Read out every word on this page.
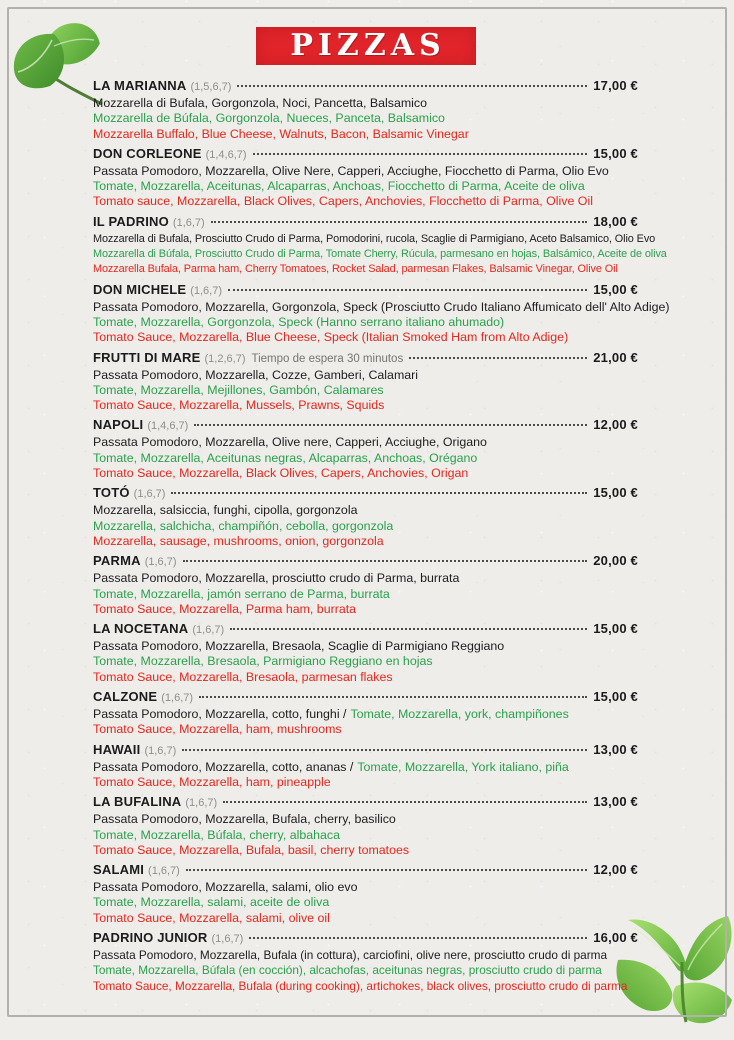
PIZZAS
LA MARIANNA (1,5,6,7)	17,00 €
Mozzarella di Bufala, Gorgonzola, Noci, Pancetta, Balsamico
Mozzarella de Búfala, Gorgonzola, Nueces, Panceta, Balsamico
Mozzarella Buffalo, Blue Cheese, Walnuts, Bacon, Balsamic Vinegar
DON CORLEONE (1,4,6,7)	15,00 €
Passata Pomodoro, Mozzarella, Olive Nere, Capperi, Acciughe, Fiocchetto di Parma, Olio Evo
Tomate, Mozzarella, Aceitunas, Alcaparras, Anchoas, Fiocchetto di Parma, Aceite de oliva
Tomato sauce, Mozzarella, Black Olives, Capers, Anchovies, Flocchetto di Parma, Olive Oil
IL PADRINO (1,6,7)	18,00 €
Mozzarella di Bufala, Prosciutto Crudo di Parma, Pomodorini, rucola, Scaglie di Parmigiano, Aceto Balsamico, Olio Evo
Mozzarella di Búfala, Prosciutto Crudo di Parma, Tomate Cherry, Rúcula, parmesano en hojas, Balsámico, Aceite de oliva
Mozzarella Bufala, Parma ham, Cherry Tomatoes, Rocket Salad, parmesan Flakes, Balsamic Vinegar, Olive Oil
DON MICHELE (1,6,7)	15,00 €
Passata Pomodoro, Mozzarella, Gorgonzola, Speck (Prosciutto Crudo Italiano Affumicato dell' Alto Adige)
Tomate, Mozzarella, Gorgonzola, Speck (Hanno serrano italiano ahumado)
Tomato Sauce, Mozzarella, Blue Cheese, Speck (Italian Smoked Ham from Alto Adige)
FRUTTI DI MARE (1,2,6,7) Tiempo de espera 30 minutos	21,00 €
Passata Pomodoro, Mozzarella, Cozze, Gamberi, Calamari
Tomate, Mozzarella, Mejillones, Gambón, Calamares
Tomato Sauce, Mozzarella, Mussels, Prawns, Squids
NAPOLI (1,4,6,7)	12,00 €
Passata Pomodoro, Mozzarella, Olive nere, Capperi, Acciughe, Origano
Tomate, Mozzarella, Aceitunas negras, Alcaparras, Anchoas, Orégano
Tomato Sauce, Mozzarella, Black Olives, Capers, Anchovies, Origan
TOTÓ (1,6,7)	15,00 €
Mozzarella, salsiccia, funghi, cipolla, gorgonzola
Mozzarella, salchicha, champiñón, cebolla, gorgonzola
Mozzarella, sausage, mushrooms, onion, gorgonzola
PARMA (1,6,7)	20,00 €
Passata Pomodoro, Mozzarella, prosciutto crudo di Parma, burrata
Tomate, Mozzarella, jamón serrano de Parma, burrata
Tomato Sauce, Mozzarella, Parma ham, burrata
LA NOCETANA (1,6,7)	15,00 €
Passata Pomodoro, Mozzarella, Bresaola, Scaglie di Parmigiano Reggiano
Tomate, Mozzarella, Bresaola, Parmigiano Reggiano en hojas
Tomato Sauce, Mozzarella, Bresaola, parmesan flakes
CALZONE (1,6,7)	15,00 €
Passata Pomodoro, Mozzarella, cotto, funghi / Tomate, Mozzarella, york, champiñones
Tomato Sauce, Mozzarella, ham, mushrooms
HAWAII (1,6,7)	13,00 €
Passata Pomodoro, Mozzarella, cotto, ananas / Tomate, Mozzarella, York italiano, piña
Tomato Sauce, Mozzarella, ham, pineapple
LA BUFALINA (1,6,7)	13,00 €
Passata Pomodoro, Mozzarella, Bufala, cherry, basilico
Tomate, Mozzarella, Búfala, cherry, albahaca
Tomato Sauce, Mozzarella, Bufala, basil, cherry tomatoes
SALAMI (1,6,7)	12,00 €
Passata Pomodoro, Mozzarella, salami, olio evo
Tomate, Mozzarella, salami, aceite de oliva
Tomato Sauce, Mozzarella, salami, olive oil
PADRINO JUNIOR (1,6,7)	16,00 €
Passata Pomodoro, Mozzarella, Bufala (in cottura), carciofini, olive nere, prosciutto crudo di parma
Tomate, Mozzarella, Búfala (en cocción), alcachofas, aceitunas negras, prosciutto crudo di parma
Tomato Sauce, Mozzarella, Bufala (during cooking), artichokes, black olives, prosciutto crudo di parma
